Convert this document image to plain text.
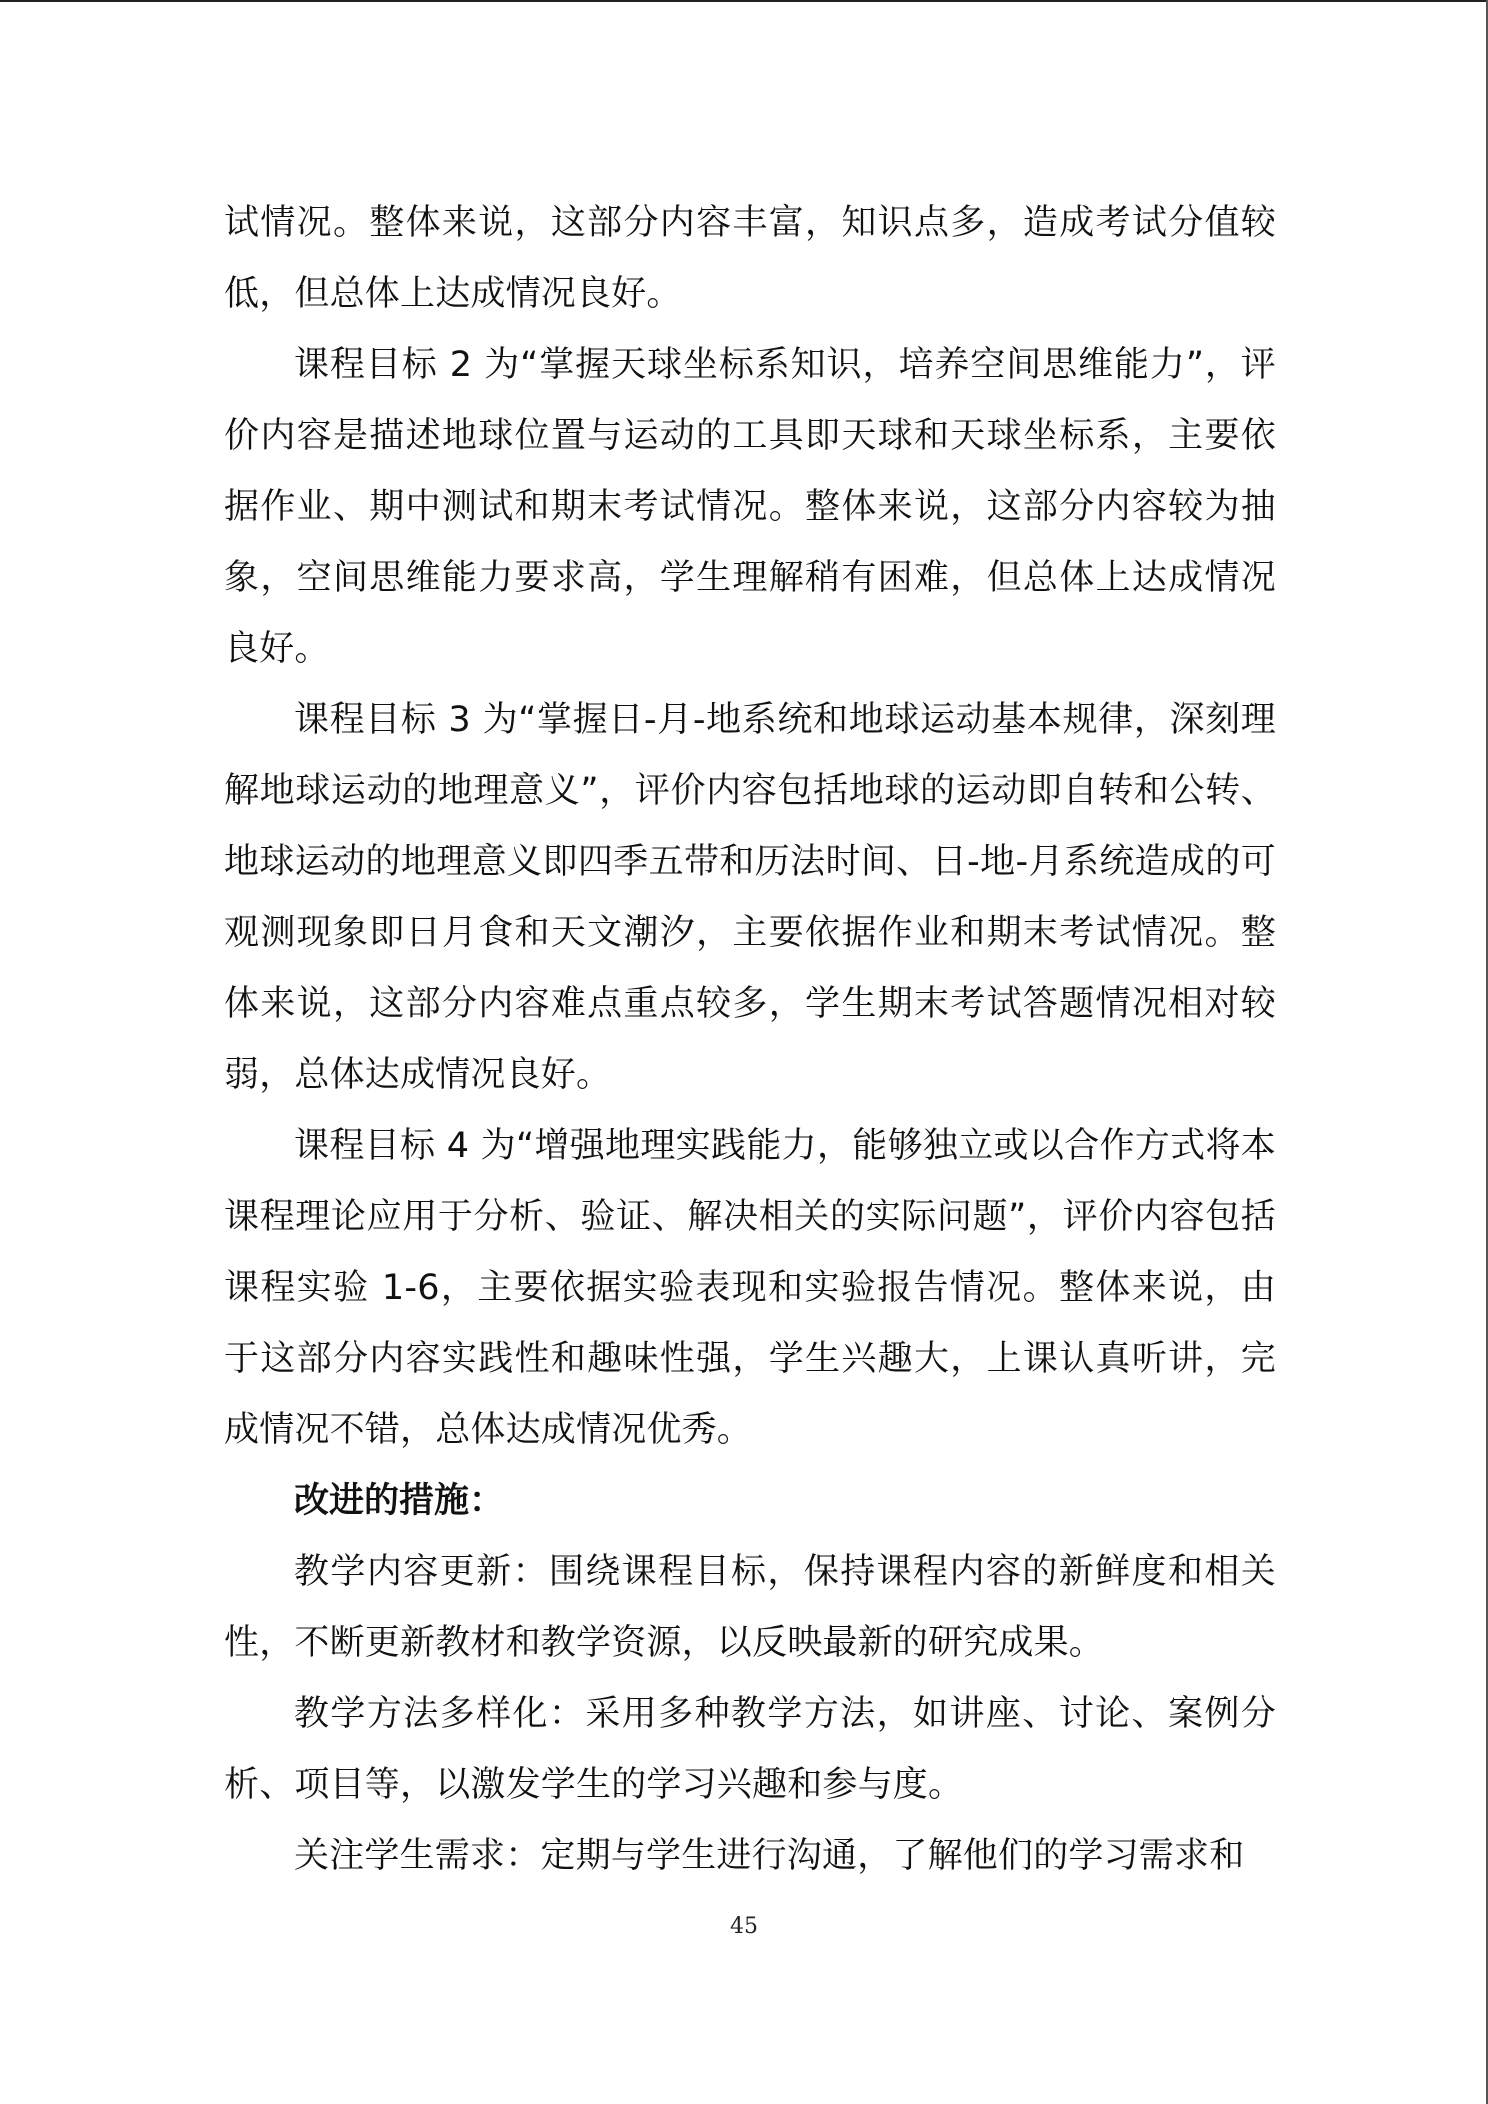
试情况。整体来说，这部分内容丰富，知识点多，造成考试分值较低，但总体上达成情况良好。

课程目标 2 为“掌握天球坐标系知识，培养空间思维能力”，评价内容是描述地球位置与运动的工具即天球和天球坐标系，主要依据作业、期中测试和期末考试情况。整体来说，这部分内容较为抽象，空间思维能力要求高，学生理解稍有困难，但总体上达成情况良好。

课程目标 3 为“掌握日-月-地系统和地球运动基本规律，深刻理解地球运动的地理意义”，评价内容包括地球的运动即自转和公转、地球运动的地理意义即四季五带和历法时间、日-地-月系统造成的可观测现象即日月食和天文潮汐，主要依据作业和期末考试情况。整体来说，这部分内容难点重点较多，学生期末考试答题情况相对较弱，总体达成情况良好。

课程目标 4 为“增强地理实践能力，能够独立或以合作方式将本课程理论应用于分析、验证、解决相关的实际问题”，评价内容包括课程实验 1-6，主要依据实验表现和实验报告情况。整体来说，由于这部分内容实践性和趣味性强，学生兴趣大，上课认真听讲，完成情况不错，总体达成情况优秀。

改进的措施：

教学内容更新：围绕课程目标，保持课程内容的新鲜度和相关性，不断更新教材和教学资源，以反映最新的研究成果。

教学方法多样化：采用多种教学方法，如讲座、讨论、案例分析、项目等，以激发学生的学习兴趣和参与度。

关注学生需求：定期与学生进行沟通，了解他们的学习需求和

45
